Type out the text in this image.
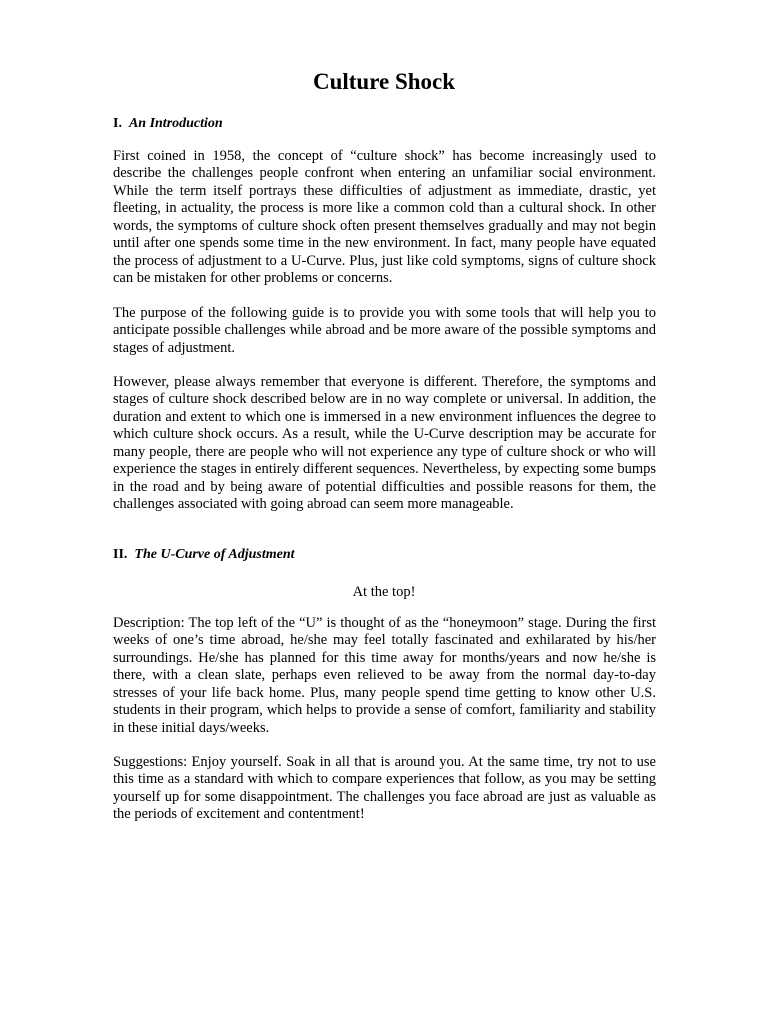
Culture Shock
I. An Introduction

First coined in 1958, the concept of “culture shock” has become increasingly used to describe the challenges people confront when entering an unfamiliar social environment. While the term itself portrays these difficulties of adjustment as immediate, drastic, yet fleeting, in actuality, the process is more like a common cold than a cultural shock. In other words, the symptoms of culture shock often present themselves gradually and may not begin until after one spends some time in the new environment. In fact, many people have equated the process of adjustment to a U-Curve. Plus, just like cold symptoms, signs of culture shock can be mistaken for other problems or concerns.

The purpose of the following guide is to provide you with some tools that will help you to anticipate possible challenges while abroad and be more aware of the possible symptoms and stages of adjustment.

However, please always remember that everyone is different. Therefore, the symptoms and stages of culture shock described below are in no way complete or universal. In addition, the duration and extent to which one is immersed in a new environment influences the degree to which culture shock occurs. As a result, while the U-Curve description may be accurate for many people, there are people who will not experience any type of culture shock or who will experience the stages in entirely different sequences. Nevertheless, by expecting some bumps in the road and by being aware of potential difficulties and possible reasons for them, the challenges associated with going abroad can seem more manageable.

II. The U-Curve of Adjustment
At the top!

Description: The top left of the “U” is thought of as the “honeymoon” stage. During the first weeks of one’s time abroad, he/she may feel totally fascinated and exhilarated by his/her surroundings. He/she has planned for this time away for months/years and now he/she is there, with a clean slate, perhaps even relieved to be away from the normal day-to-day stresses of your life back home. Plus, many people spend time getting to know other U.S. students in their program, which helps to provide a sense of comfort, familiarity and stability in these initial days/weeks.

Suggestions: Enjoy yourself. Soak in all that is around you. At the same time, try not to use this time as a standard with which to compare experiences that follow, as you may be setting yourself up for some disappointment. The challenges you face abroad are just as valuable as the periods of excitement and contentment!
